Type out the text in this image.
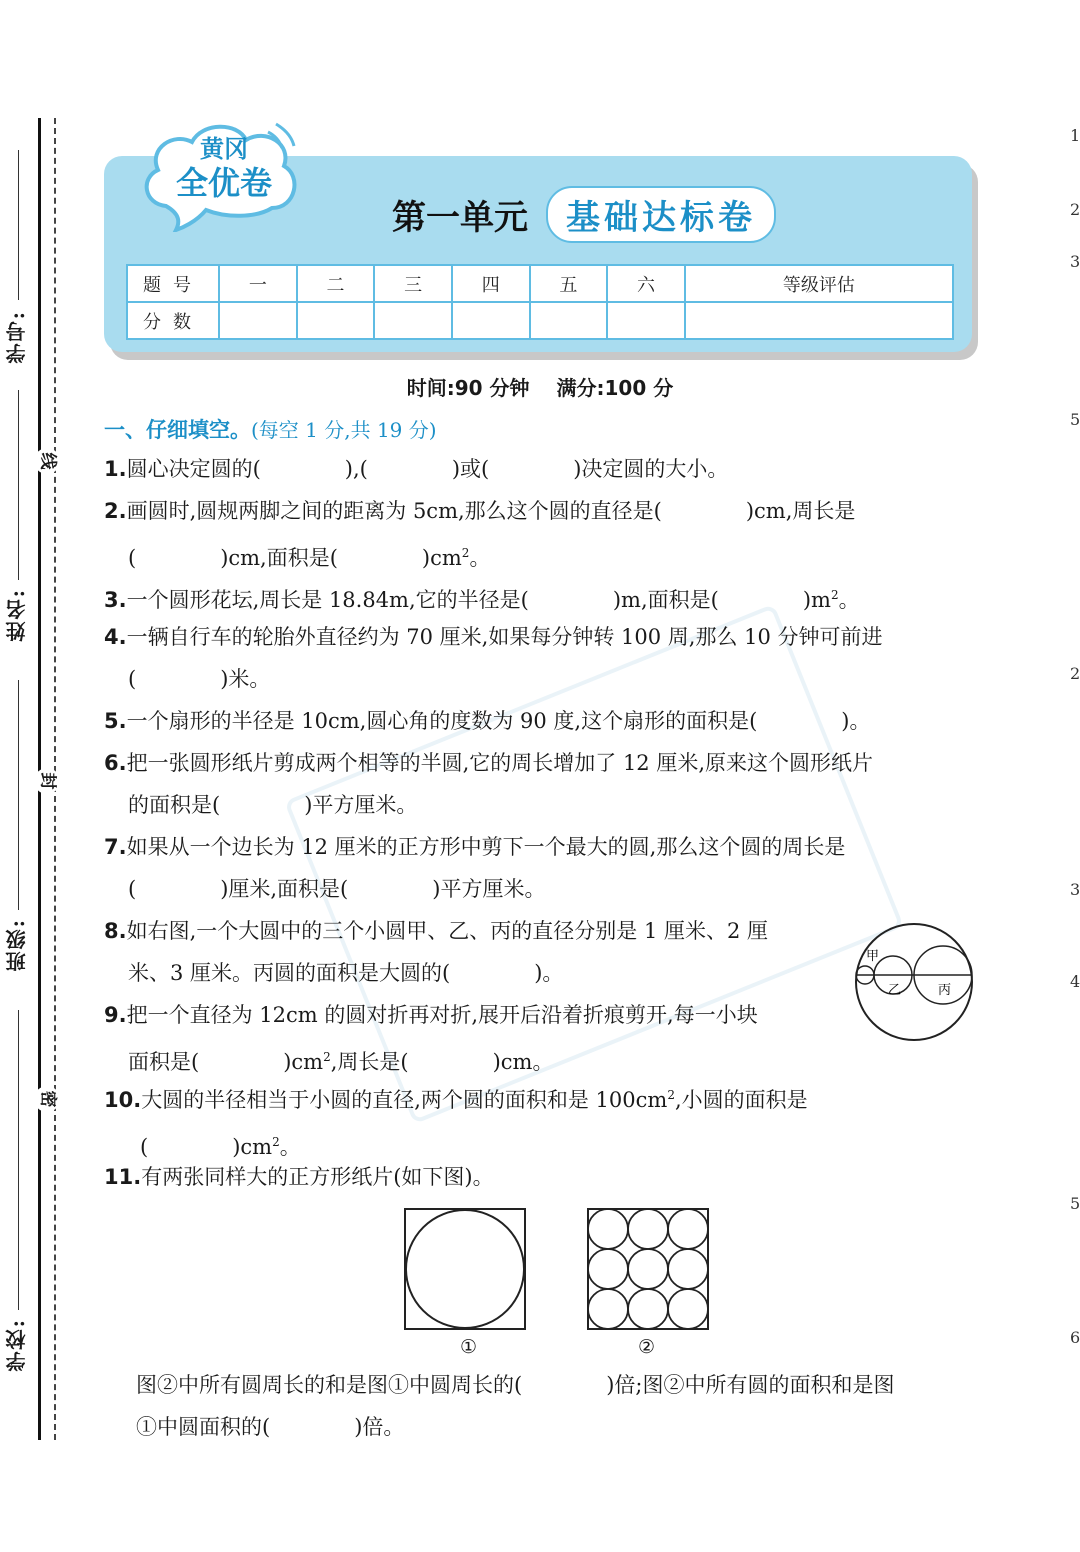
学号:
姓名:
班级:
学校:
线
封
密
1
2
3
5
2
3
4
5
6
黄冈
全优卷
第一单元	基础达标卷
题号	一	二	三	四	五	六	等级评估
分数							
时间:90 分钟 满分:100 分
一、仔细填空。(每空 1 分,共 19 分)
1.圆心决定圆的(　　　　),(　　　　)或(　　　　)决定圆的大小。
2.画圆时,圆规两脚之间的距离为 5cm,那么这个圆的直径是(　　　　)cm,周长是
(　　　　)cm,面积是(　　　　)$cm^2$。
3.一个圆形花坛,周长是 18.84m,它的半径是(　　　　)m,面积是(　　　　)$m^2$。
4.一辆自行车的轮胎外直径约为 70 厘米,如果每分钟转 100 周,那么 10 分钟可前进
(　　　　)米。
5.一个扇形的半径是 10cm,圆心角的度数为 90 度,这个扇形的面积是(　　　　)。
6.把一张圆形纸片剪成两个相等的半圆,它的周长增加了 12 厘米,原来这个圆形纸片
的面积是(　　　　)平方厘米。
7.如果从一个边长为 12 厘米的正方形中剪下一个最大的圆,那么这个圆的周长是
(　　　　)厘米,面积是(　　　　)平方厘米。
8.如右图,一个大圆中的三个小圆甲、乙、丙的直径分别是 1 厘米、2 厘
米、3 厘米。丙圆的面积是大圆的(　　　　)。
9.把一个直径为 12cm 的圆对折再对折,展开后沿着折痕剪开,每一小块
面积是(　　　　)$cm^2$,周长是(　　　　)cm。
10.大圆的半径相当于小圆的直径,两个圆的面积和是 $100cm^2$,小圆的面积是
(　　　　)$cm^2$。
11.有两张同样大的正方形纸片(如下图)。
甲
乙	丙
①	②
图②中所有圆周长的和是图①中圆周长的(　　　　)倍;图②中所有圆的面积和是图
①中圆面积的(　　　　)倍。
